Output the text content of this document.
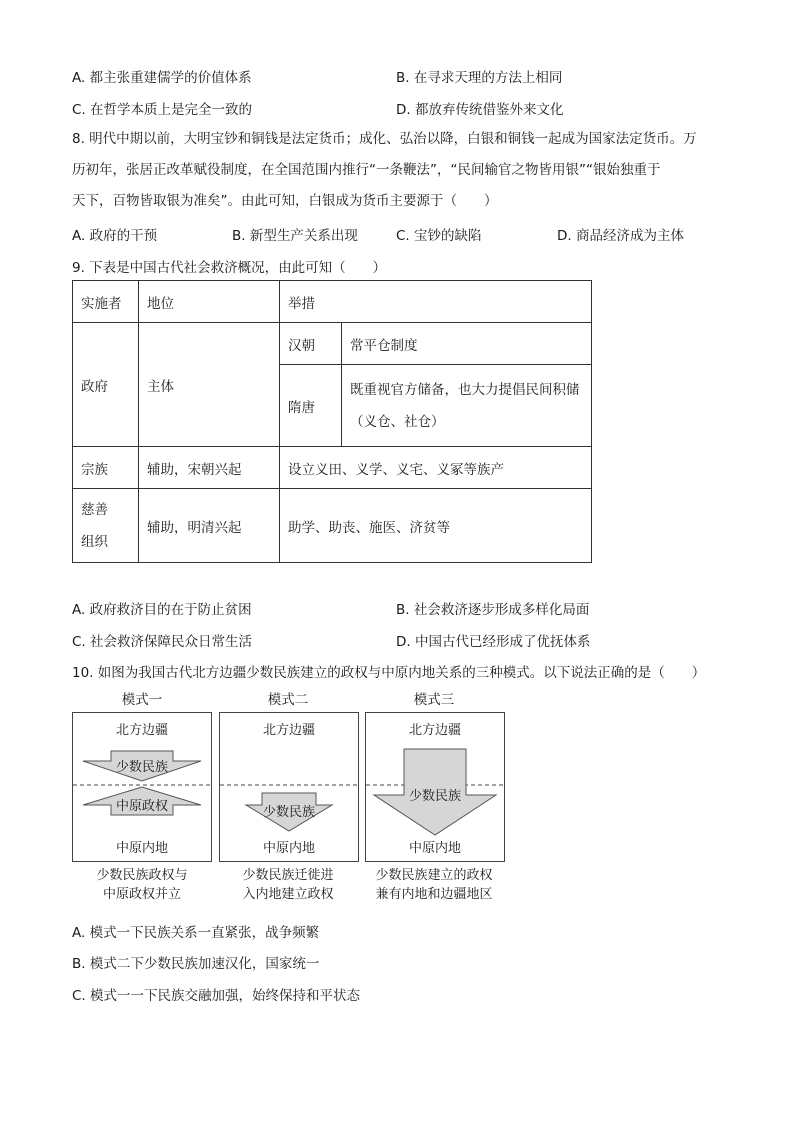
A. 都主张重建儒学的价值体系	B. 在寻求天理的方法上相同
C. 在哲学本质上是完全一致的	D. 都放弃传统借鉴外来文化
8. 明代中期以前，大明宝钞和铜钱是法定货币；成化、弘治以降，白银和铜钱一起成为国家法定货币。万
历初年，张居正改革赋役制度，在全国范围内推行“一条鞭法”，“民间输官之物皆用银”“银始独重于
天下，百物皆取银为准矣”。由此可知，白银成为货币主要源于（　　）
A. 政府的干预	B. 新型生产关系出现	C. 宝钞的缺陷	D. 商品经济成为主体
9. 下表是中国古代社会救济概况，由此可知（　　）
实施者	地位	举措	
政府	主体	汉朝	常平仓制度
		隋唐	既重视官方储备，也大力提倡民间积储
（义仓、社仓）

宗族	辅助，宋朝兴起	设立义田、义学、义宅、义冢等族产	

慈善
组织	辅助，明清兴起	助学、助丧、施医、济贫等	
A. 政府救济目的在于防止贫困	B. 社会救济逐步形成多样化局面
C. 社会救济保障民众日常生活	D. 中国古代已经形成了优抚体系
10. 如图为我国古代北方边疆少数民族建立的政权与中原内地关系的三种模式。以下说法正确的是（　　）
模式一
北方边疆
少数民族
中原政权
中原内地
少数民族政权与
中原政权并立
模式二
北方边疆
少数民族
中原内地
少数民族迁徙进
入内地建立政权
模式三
北方边疆
少数民族
中原内地
少数民族建立的政权
兼有内地和边疆地区
A. 模式一下民族关系一直紧张，战争频繁
B. 模式二下少数民族加速汉化，国家统一
C. 模式一一下民族交融加强，始终保持和平状态
